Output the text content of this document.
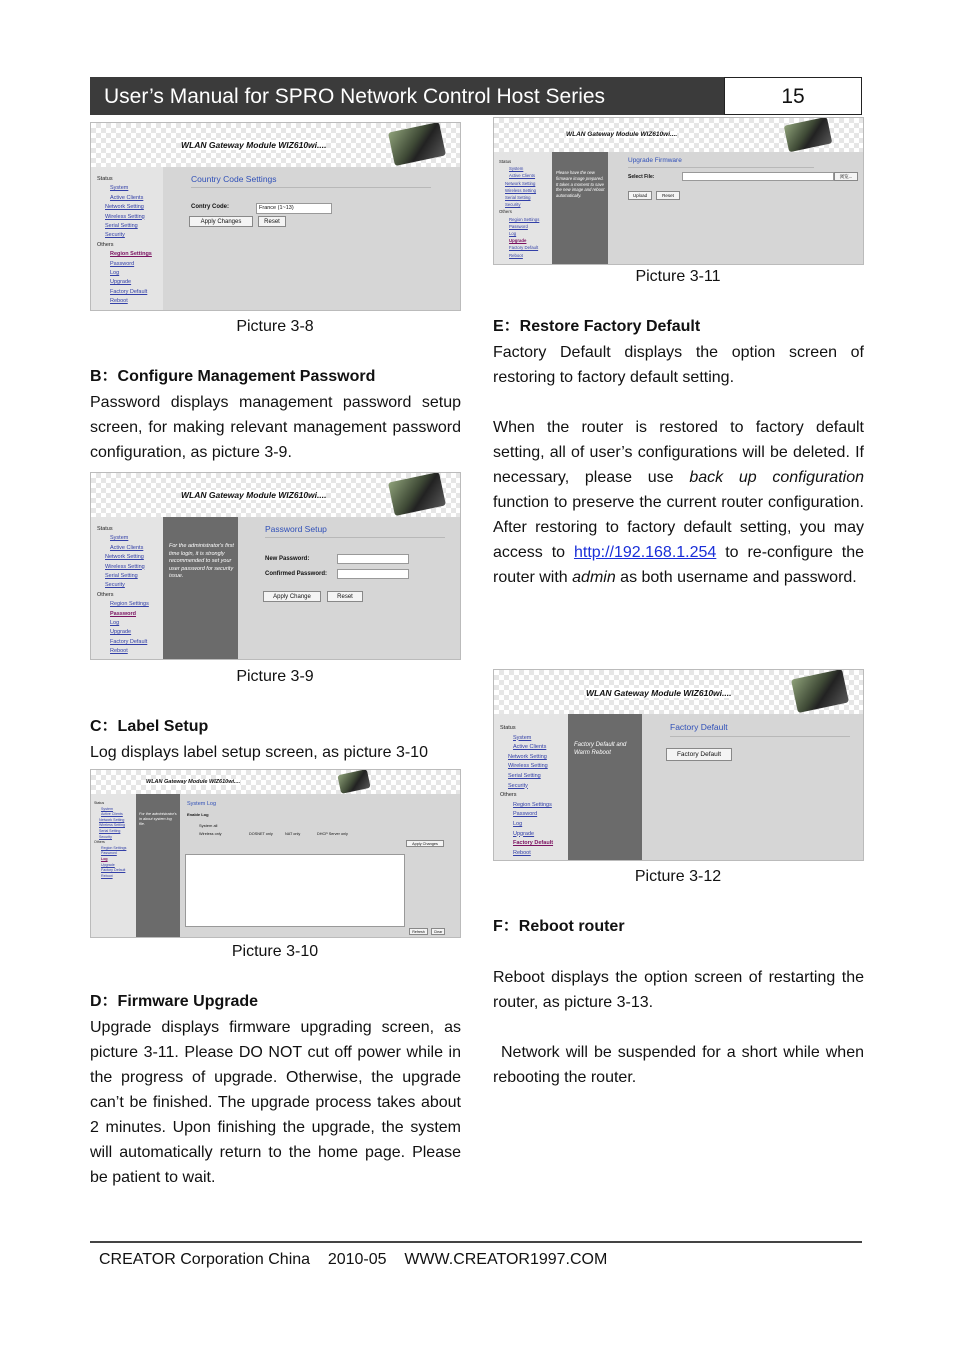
User’s Manual for SPRO Network Control Host Series	15
WLAN Gateway Module WIZ610wi....
Status
System
Active Clients
Network Setting
Wireless Setting
Serial Setting
Security
Others
Region Settings
Password
Log
Upgrade
Factory Default
Reboot
Country Code Settings
Contry Code:	France (1~13)
Apply Changes	Reset
Picture 3-8
B：Configure Management Password
Password displays management password setup screen, for making relevant management password configuration, as picture 3-9.
WLAN Gateway Module WIZ610wi....
Status
System
Active Clients
Network Setting
Wireless Setting
Serial Setting
Security
Others
Region Settings
Password
Log
Upgrade
Factory Default
Reboot
For the administrator's first time login, it is strongly recommended to set your user password for security issue.
Password Setup
New Password:
Confirmed Password:
Apply Change	Reset
Picture 3-9
C：Label Setup
Log displays label setup screen, as picture 3-10
WLAN Gateway Module WIZ610wi....
Status
System
Active Clients
Network Setting
Wireless Setting
Serial Setting
Security
Others
Region Settings
Password
Log
Upgrade
Factory Default
Reboot
For the administrator's in about system log file.
System Log
Enable Log
System all
Wireless only	DOSNET only	NAT only	DHCP Server only
Apply Changes
Refresh	Clear
Picture 3-10
D：Firmware Upgrade
Upgrade displays firmware upgrading screen, as picture 3-11. Please DO NOT cut off power while in the progress of upgrade. Otherwise, the upgrade can’t be finished. The upgrade process takes about 2 minutes. Upon finishing the upgrade, the system will automatically return to the home page. Please be patient to wait.
WLAN Gateway Module WIZ610wi....
Status
System
Active Clients
Network Setting
Wireless Setting
Serial Setting
Security
Others
Region Settings
Password
Log
Upgrade
Factory Default
Reboot
Please have the new firmware image prepared. It takes a moment to save the new image and reboot automatically.
Upgrade Firmware
Select File:	浏览...
Upload	Reset
Picture 3-11
E：Restore Factory Default
Factory Default displays the option screen of restoring to factory default setting.
When the router is restored to factory default setting, all of user’s configurations will be deleted. If necessary, please use back up configuration function to preserve the current router configuration. After restoring to factory default setting, you may access to http://192.168.1.254 to re-configure the router with admin as both username and password.
WLAN Gateway Module WIZ610wi....
Status
System
Active Clients
Network Setting
Wireless Setting
Serial Setting
Security
Others
Region Settings
Password
Log
Upgrade
Factory Default
Reboot
Factory Default and Warm Reboot
Factory Default
Factory Default
Picture 3-12
F：Reboot router
Reboot displays the option screen of restarting the router, as picture 3-13.
Network will be suspended for a short while when rebooting the router.
CREATOR Corporation China    2010-05    WWW.CREATOR1997.COM
